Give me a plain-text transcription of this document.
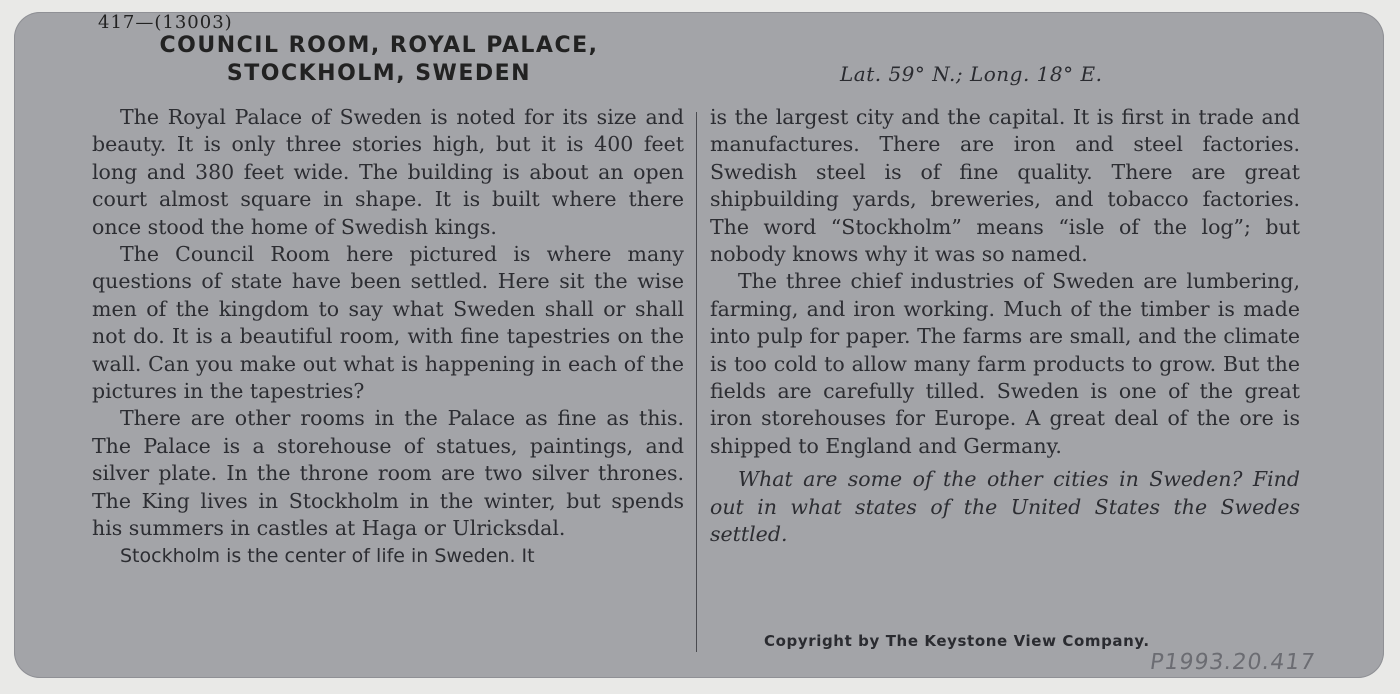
417—(13003)
COUNCIL ROOM, ROYAL PALACE,
STOCKHOLM, SWEDEN	Lat. 59° N.; Long. 18° E.

The Royal Palace of Sweden is noted for its size and beauty. It is only three stories high, but it is 400 feet long and 380 feet wide. The building is about an open court almost square in shape. It is built where there once stood the home of Swedish kings.

The Council Room here pictured is where many questions of state have been settled. Here sit the wise men of the kingdom to say what Sweden shall or shall not do. It is a beautiful room, with fine tapestries on the wall. Can you make out what is happening in each of the pictures in the tapestries?

There are other rooms in the Palace as fine as this. The Palace is a storehouse of statues, paintings, and silver plate. In the throne room are two silver thrones. The King lives in Stockholm in the winter, but spends his summers in castles at Haga or Ulricksdal.

Stockholm is the center of life in Sweden. It

is the largest city and the capital. It is first in trade and manufactures. There are iron and steel factories. Swedish steel is of fine quality. There are great shipbuilding yards, breweries, and tobacco factories. The word “Stockholm” means “isle of the log”; but nobody knows why it was so named.

The three chief industries of Sweden are lumbering, farming, and iron working. Much of the timber is made into pulp for paper. The farms are small, and the climate is too cold to allow many farm products to grow. But the fields are carefully tilled. Sweden is one of the great iron storehouses for Europe. A great deal of the ore is shipped to England and Germany.

What are some of the other cities in Sweden? Find out in what states of the United States the Swedes settled.

Copyright by The Keystone View Company.
P1993.20.417
